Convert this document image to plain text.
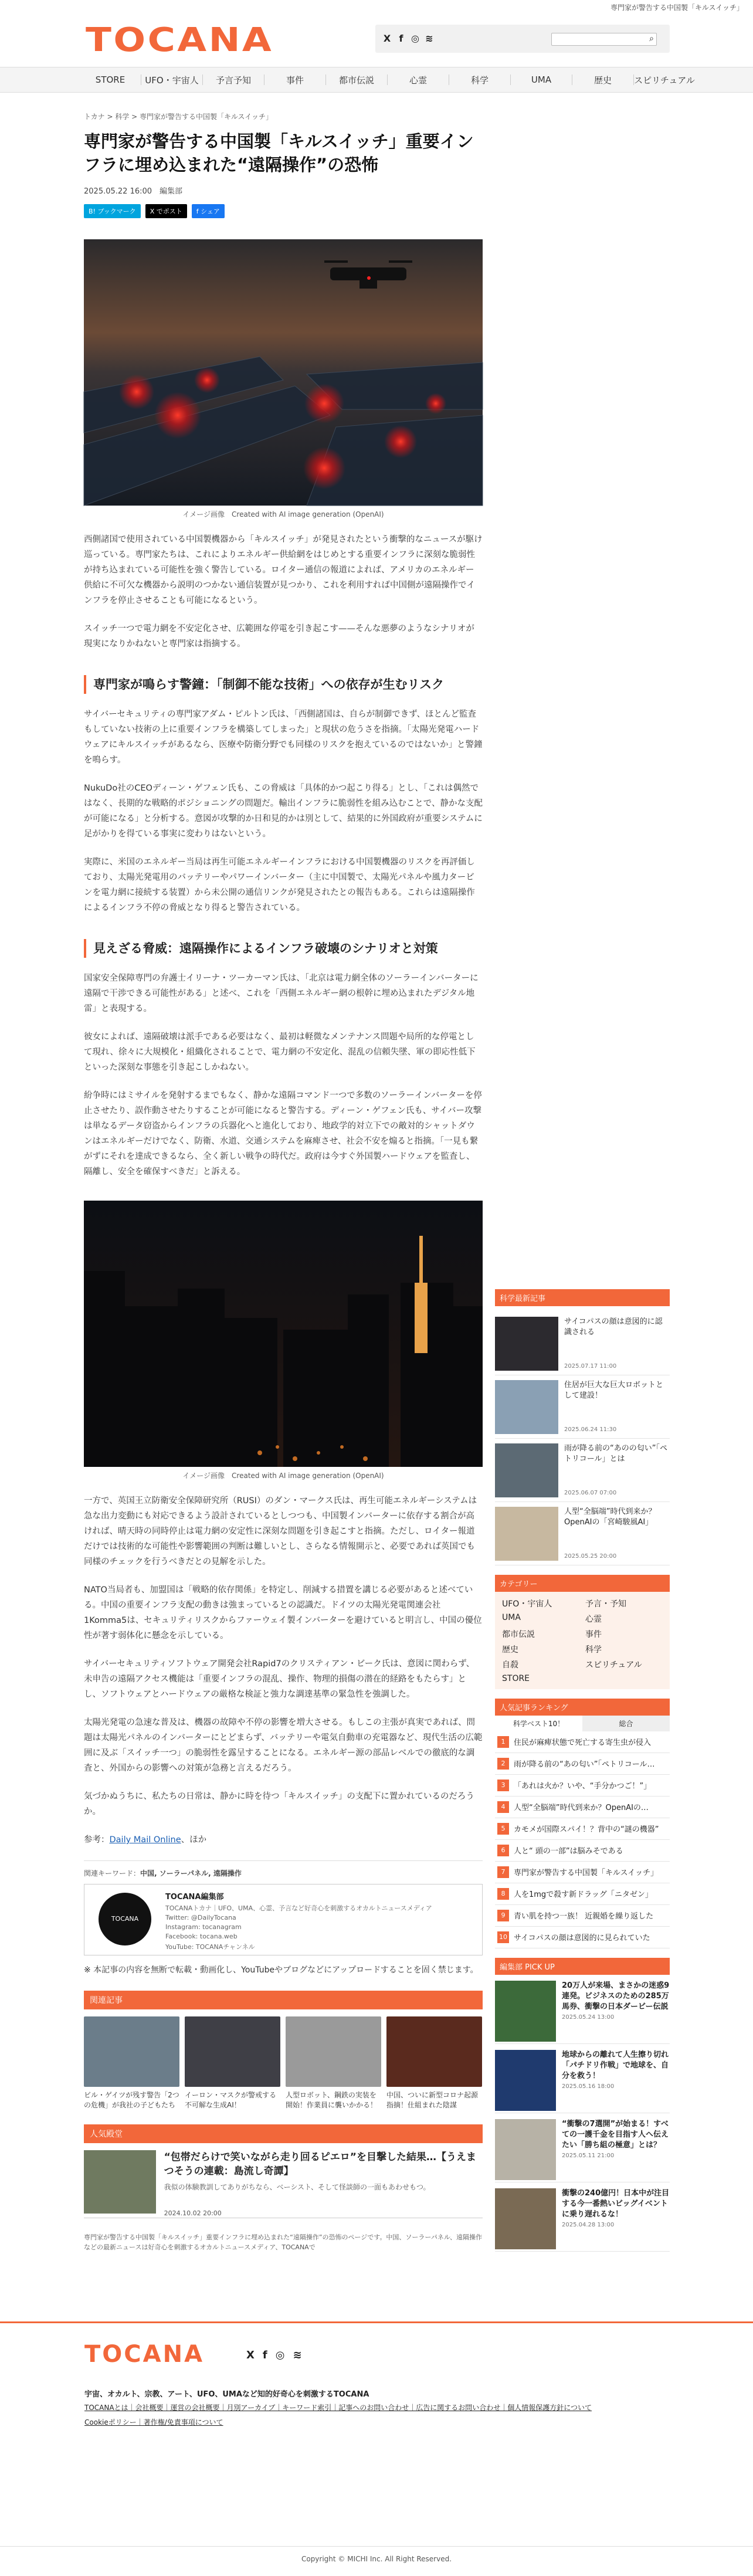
専門家が警告する中国製「キルスイッチ」
TOCANA	X f ◎ ≋	⌕
STORE	UFO・宇宙人	予言予知	事件	都市伝説	心霊	科学	UMA	歴史	スピリチュアル
トカナ > 科学 > 専門家が警告する中国製「キルスイッチ」
専門家が警告する中国製「キルスイッチ」重要インフラに埋め込まれた“遠隔操作”の恐怖
2025.05.22 16:00　 編集部
B! ブックマーク	X でポスト	f シェア
イメージ画像　Created with AI image generation (OpenAI)

西側諸国で使用されている中国製機器から「キルスイッチ」が発見されたという衝撃的なニュースが駆け巡っている。専門家たちは、これによりエネルギー供給網をはじめとする重要インフラに深刻な脆弱性が持ち込まれている可能性を強く警告している。ロイター通信の報道によれば、アメリカのエネルギー供給に不可欠な機器から説明のつかない通信装置が見つかり、これを利用すれば中国側が遠隔操作でインフラを停止させることも可能になるという。

スイッチ一つで電力網を不安定化させ、広範囲な停電を引き起こす——そんな悪夢のようなシナリオが現実になりかねないと専門家は指摘する。

専門家が鳴らす警鐘：「制御不能な技術」への依存が生むリスク

サイバーセキュリティの専門家アダム・ピルトン氏は、「西側諸国は、自らが制御できず、ほとんど監査もしていない技術の上に重要インフラを構築してしまった」と現状の危うさを指摘。「太陽光発電ハードウェアにキルスイッチがあるなら、医療や防衛分野でも同様のリスクを抱えているのではないか」と警鐘を鳴らす。

NukuDo社のCEOディーン・ゲフェン氏も、この脅威は「具体的かつ起こり得る」とし、「これは偶然ではなく、長期的な戦略的ポジショニングの問題だ。輸出インフラに脆弱性を組み込むことで、静かな支配が可能になる」と分析する。意図が攻撃的か日和見的かは別として、結果的に外国政府が重要システムに足がかりを得ている事実に変わりはないという。

実際に、米国のエネルギー当局は再生可能エネルギーインフラにおける中国製機器のリスクを再評価しており、太陽光発電用のバッテリーやパワーインバーター（主に中国製で、太陽光パネルや風力タービンを電力網に接続する装置）から未公開の通信リンクが発見されたとの報告もある。これらは遠隔操作によるインフラ不停の脅威となり得ると警告されている。

見えざる脅威：遠隔操作によるインフラ破壊のシナリオと対策

国家安全保障専門の弁護士イリーナ・ツーカーマン氏は、「北京は電力網全体のソーラーインバーターに遠隔で干渉できる可能性がある」と述べ、これを「西側エネルギー網の根幹に埋め込まれたデジタル地雷」と表現する。

彼女によれば、遠隔破壊は派手である必要はなく、最初は軽微なメンテナンス問題や局所的な停電として現れ、徐々に大規模化・組織化されることで、電力網の不安定化、混乱の信頼失墜、軍の即応性低下といった深刻な事態を引き起こしかねない。

紛争時にはミサイルを発射するまでもなく、静かな遠隔コマンド一つで多数のソーラーインバーターを停止させたり、誤作動させたりすることが可能になると警告する。ディーン・ゲフェン氏も、サイバー攻撃は単なるデータ窃盗からインフラの兵器化へと進化しており、地政学的対立下での敵対的シャットダウンはエネルギーだけでなく、防衛、水道、交通システムを麻痺させ、社会不安を煽ると指摘。「一見も繋がずにそれを達成できるなら、全く新しい戦争の時代だ。政府は今すぐ外国製ハードウェアを監査し、隔離し、安全を確保すべきだ」と訴える。

イメージ画像　Created with AI image generation (OpenAI)

一方で、英国王立防衛安全保障研究所（RUSI）のダン・マークス氏は、再生可能エネルギーシステムは急な出力変動にも対応できるよう設計されているとしつつも、中国製インバーターに依存する割合が高ければ、晴天時の同時停止は電力網の安定性に深刻な問題を引き起こすと指摘。ただし、ロイター報道だけでは技術的な可能性や影響範囲の判断は難しいとし、さらなる情報開示と、必要であれば英国でも同様のチェックを行うべきだとの見解を示した。

NATO当局者も、加盟国は「戦略的依存関係」を特定し、削減する措置を講じる必要があると述べている。中国の重要インフラ支配の動きは強まっているとの認識だ。ドイツの太陽光発電関連会社1Komma5は、セキュリティリスクからファーウェイ製インバーターを避けていると明言し、中国の優位性が著す弱体化に懸念を示している。

サイバーセキュリティソフトウェア開発会社Rapid7のクリスティアン・ビーク氏は、意図に関わらず、未申告の遠隔アクセス機能は「重要インフラの混乱、操作、物理的損傷の潜在的経路をもたらす」とし、ソフトウェアとハードウェアの厳格な検証と強力な調達基準の緊急性を強調した。

太陽光発電の急速な普及は、機器の故障や不停の影響を増大させる。もしこの主張が真実であれば、問題は太陽光パネルのインバーターにとどまらず、バッテリーや電気自動車の充電器など、現代生活の広範囲に及ぶ「スイッチ一つ」の脆弱性を露呈することになる。エネルギー源の部品レベルでの徹底的な調査と、外国からの影響への対策が急務と言えるだろう。

気づかぬうちに、私たちの日常は、静かに時を待つ「キルスイッチ」の支配下に置かれているのだろうか。

参考：Daily Mail Online、ほか

関連キーワード：中国, ソーラーパネル, 遠隔操作
TOCANA
TOCANA編集部
TOCANAトカナ｜UFO、UMA、心霊、予言など好奇心を刺激するオカルトニュースメディア
Twitter: @DailyTocana
Instagram: tocanagram
Facebook: tocana.web
YouTube: TOCANAチャンネル
※ 本記事の内容を無断で転載・動画化し、YouTubeやブログなどにアップロードすることを固く禁じます。
関連記事
ビル・ゲイツが残す警告「2つの危機」が我社の子どもたち
イーロン・マスクが警戒する不可解な生成AI！
人型ロボット、鋼鉄の実装を開始！作業員に襲いかかる！
中国、ついに新型コロナ起源指摘！仕組まれた陰謀
人気殿堂
“包帯だらけで笑いながら走り回るピエロ”を目撃した結果…【うえまつそうの連載：島流し奇譚】
我似の体験教訓してありがちなら、ベーシスト、そして怪談師の一面もあわせもつ。
2024.10.02 20:00
専門家が警告する中国製「キルスイッチ」重要インフラに埋め込まれた“遠隔操作”の恐怖のページです。中国、ソーラーパネル、遠隔操作などの最新ニュースは好奇心を刺激するオカルトニュースメディア、TOCANAで
科学最新記事
サイコパスの顔は意図的に認識される
2025.07.17 11:00
住居が巨大な巨大ロボットとして建設！
2025.06.24 11:30
雨が降る前の“あのの匂い”「ペトリコール」とは
2025.06.07 07:00
人型“全脳端”時代到来か？OpenAIの「宮崎駿風AI」
2025.05.25 20:00
カテゴリー
UFO・宇宙人	予言・予知
UMA	心霊
都市伝説	事件
歴史	科学
自殺	スピリチュアル
STORE
人気記事ランキング
科学ベスト10！	総合
1	住民が麻痺状態で死亡する寄生虫が侵入
2	雨が降る前の“あの匂い”「ペトリコール…
3	「あれは火か？いや、“手分かつご！”」
4	人型“全脳端”時代到来か？OpenAIの…
5	カモメが国際スパイ！？背中の“謎の機器”
6	人と“ 頭の一部”は脳みそである
7	専門家が警告する中国製「キルスイッチ」
8	人を1mgで殺す新ドラッグ「ニタゼン」
9	青い肌を持つ一族！ 近親婚を繰り返した
10 サイコパスの顔は意図的に見られていた
編集部 PICK UP
20万人が来場、まさかの迷惑9連発。ビジネスのための285万馬券、衝撃の日本ダービー伝説
2025.05.24 13:00
地球からの離れて人生擦り切れ「パチドリ作戦」で地球を、自分を救う！
2025.05.16 18:00
“衝撃の7選開”が始まる！すべての一護千金を目指す人へ伝えたい「勝ち組の極意」とは？
2025.05.11 21:00
衝撃の240億円！日本中が注目する今一番熱いビッグイベントに乗り遅れるな！
2025.04.28 13:00
TOCANA	X f ◎ ≋
宇宙、オカルト、宗教、アート、UFO、UMAなど知的好奇心を刺激するTOCANA
TOCANAとは｜会社概要｜運営の会社概要｜月別アーカイブ｜キーワード索引｜記事へのお問い合わせ｜広告に関するお問い合わせ｜個人情報保護方針について
Cookieポリシー｜著作権/免責事項について
Copyright © MICHI Inc. All Right Reserved.
